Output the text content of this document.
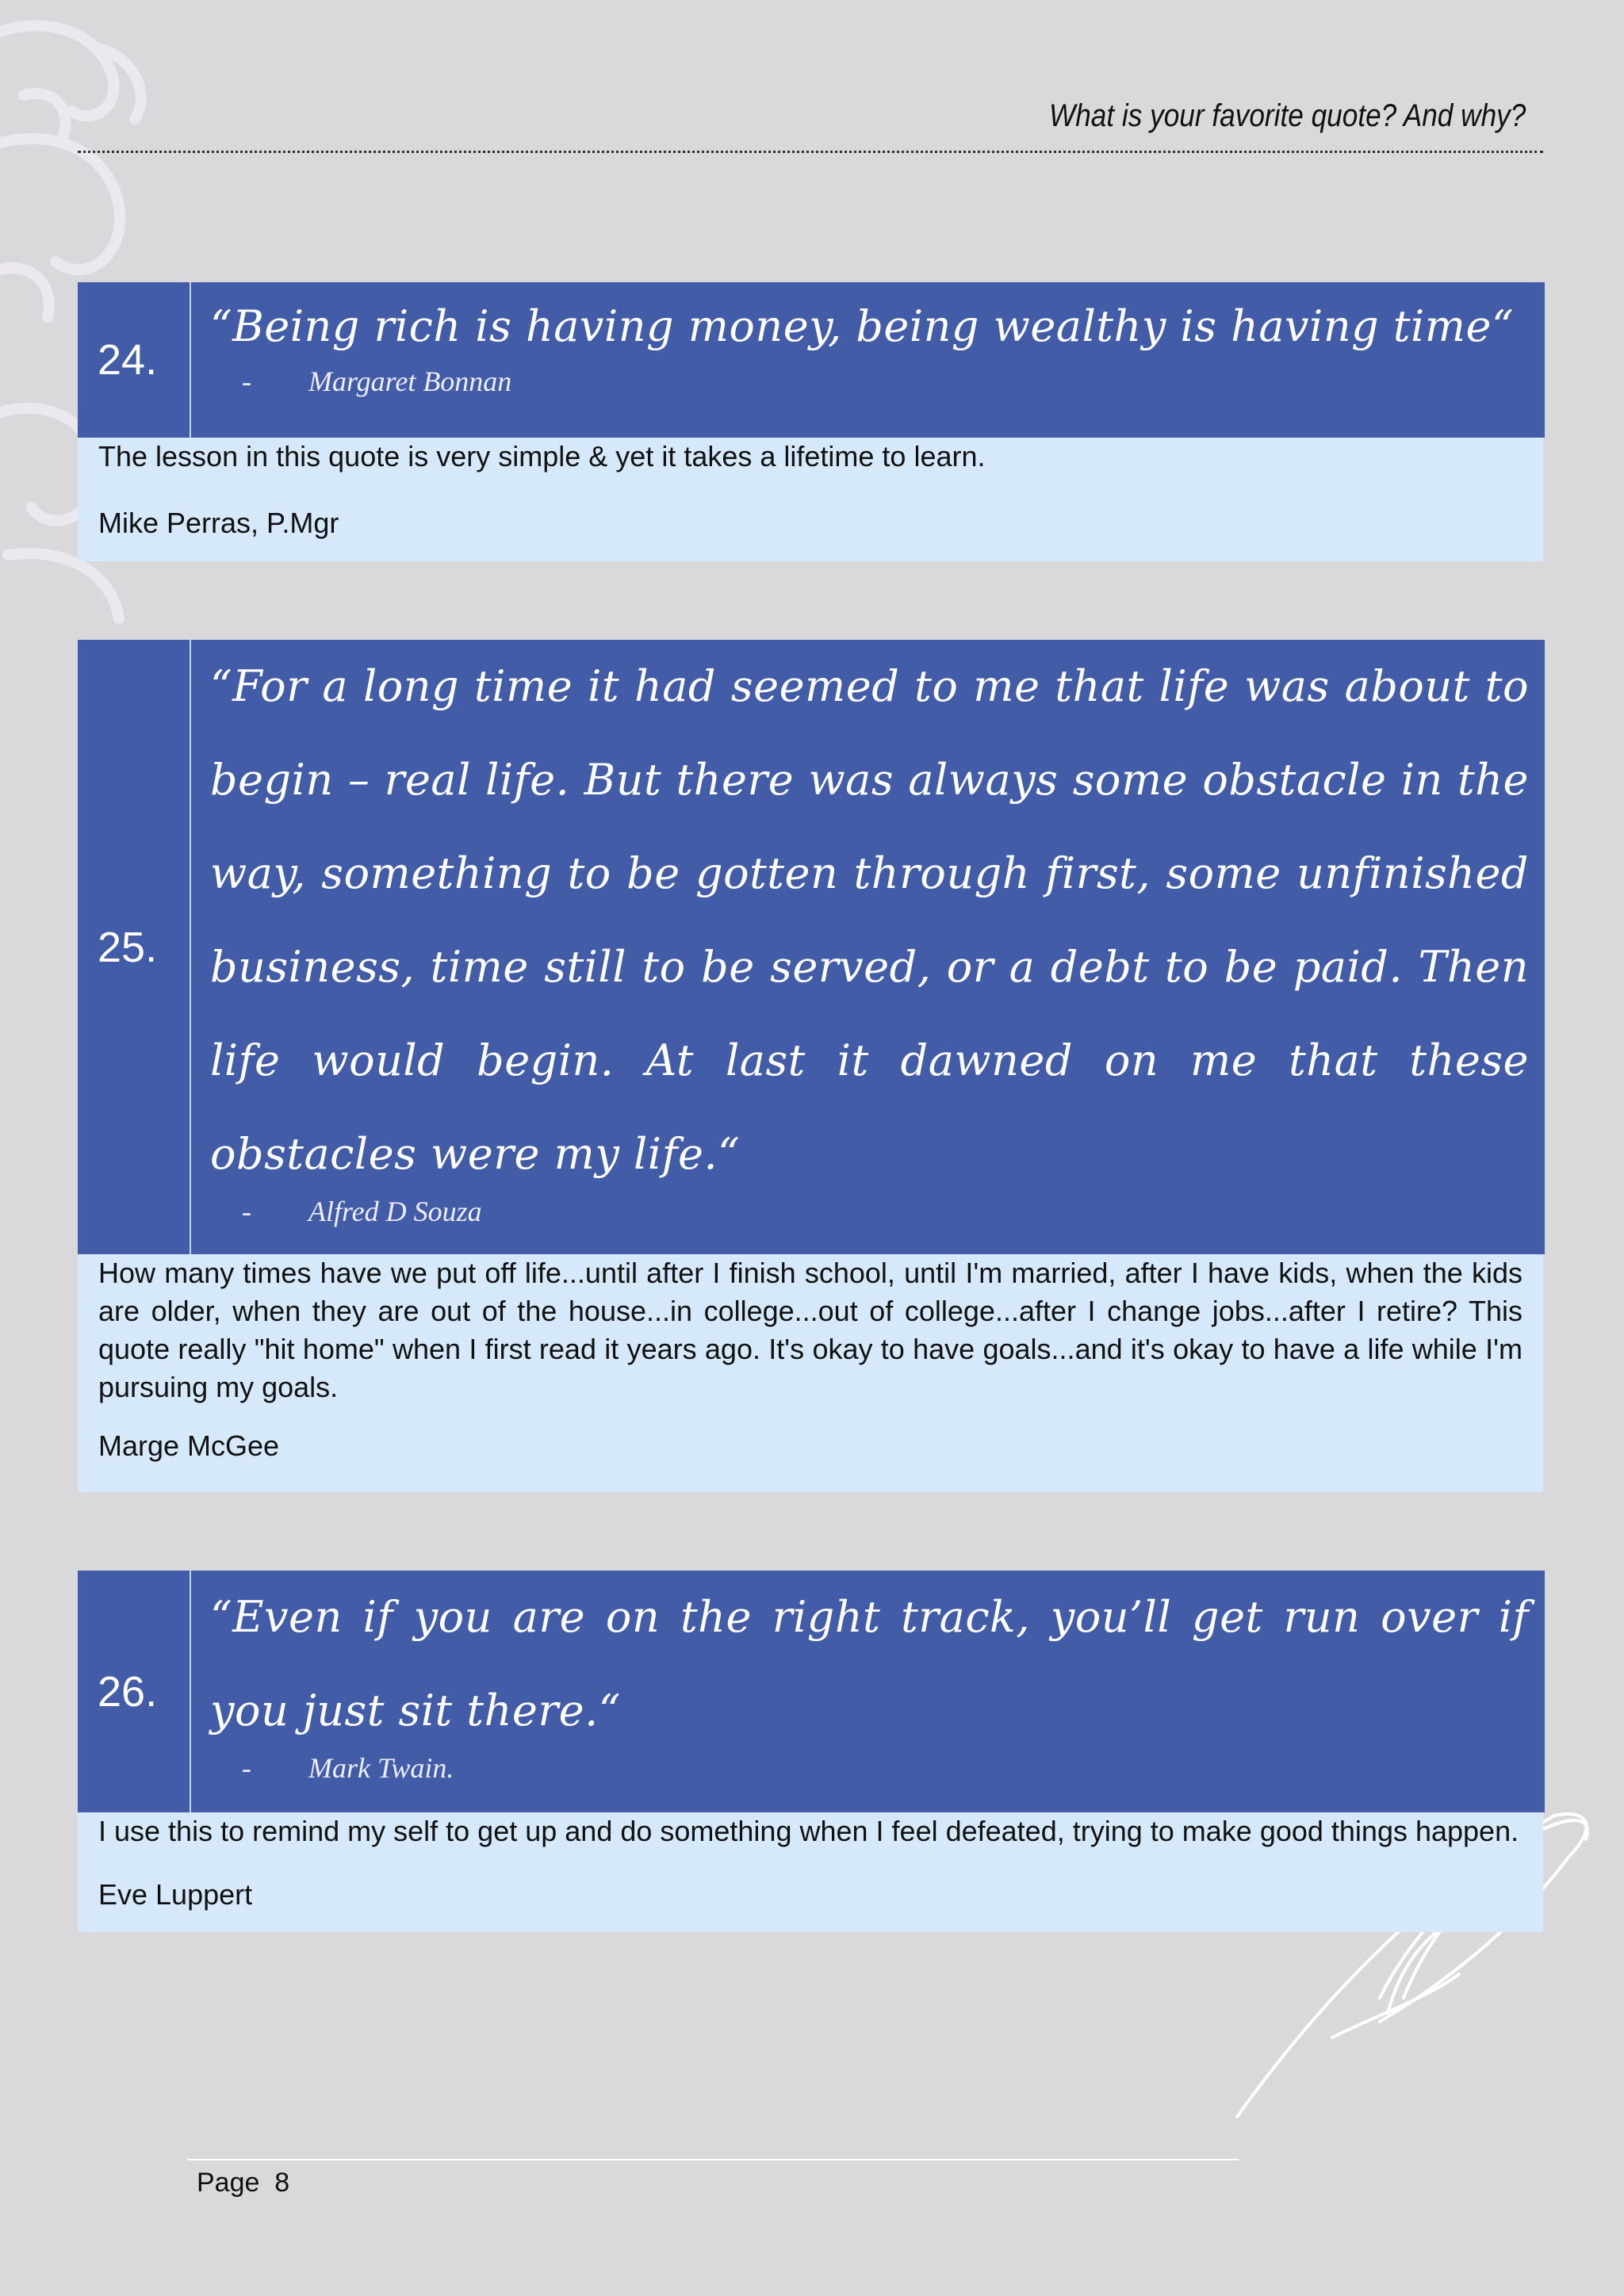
What is your favorite quote? And why?
24.
“Being rich is having money, being wealthy is having time“
- Margaret Bonnan
The lesson in this quote is very simple & yet it takes a lifetime to learn.
Mike Perras, P.Mgr
25.
“For a long time it had seemed to me that life was about to begin – real life. But there was always some obstacle in the way, something to be gotten through first, some unfinished business, time still to be served, or a debt to be paid. Then life would begin. At last it dawned on me that these obstacles were my life.“
- Alfred D Souza
How many times have we put off life...until after I finish school, until I'm married, after I have kids, when the kids are older, when they are out of the house...in college...out of college...after I change jobs...after I retire? This quote really "hit home" when I first read it years ago. It's okay to have goals...and it's okay to have a life while I'm pursuing my goals.
Marge McGee
26.
“Even if you are on the right track, you’ll get run over if you just sit there.“
- Mark Twain.
I use this to remind my self to get up and do something when I feel defeated, trying to make good things happen.
Eve Luppert
Page  8
